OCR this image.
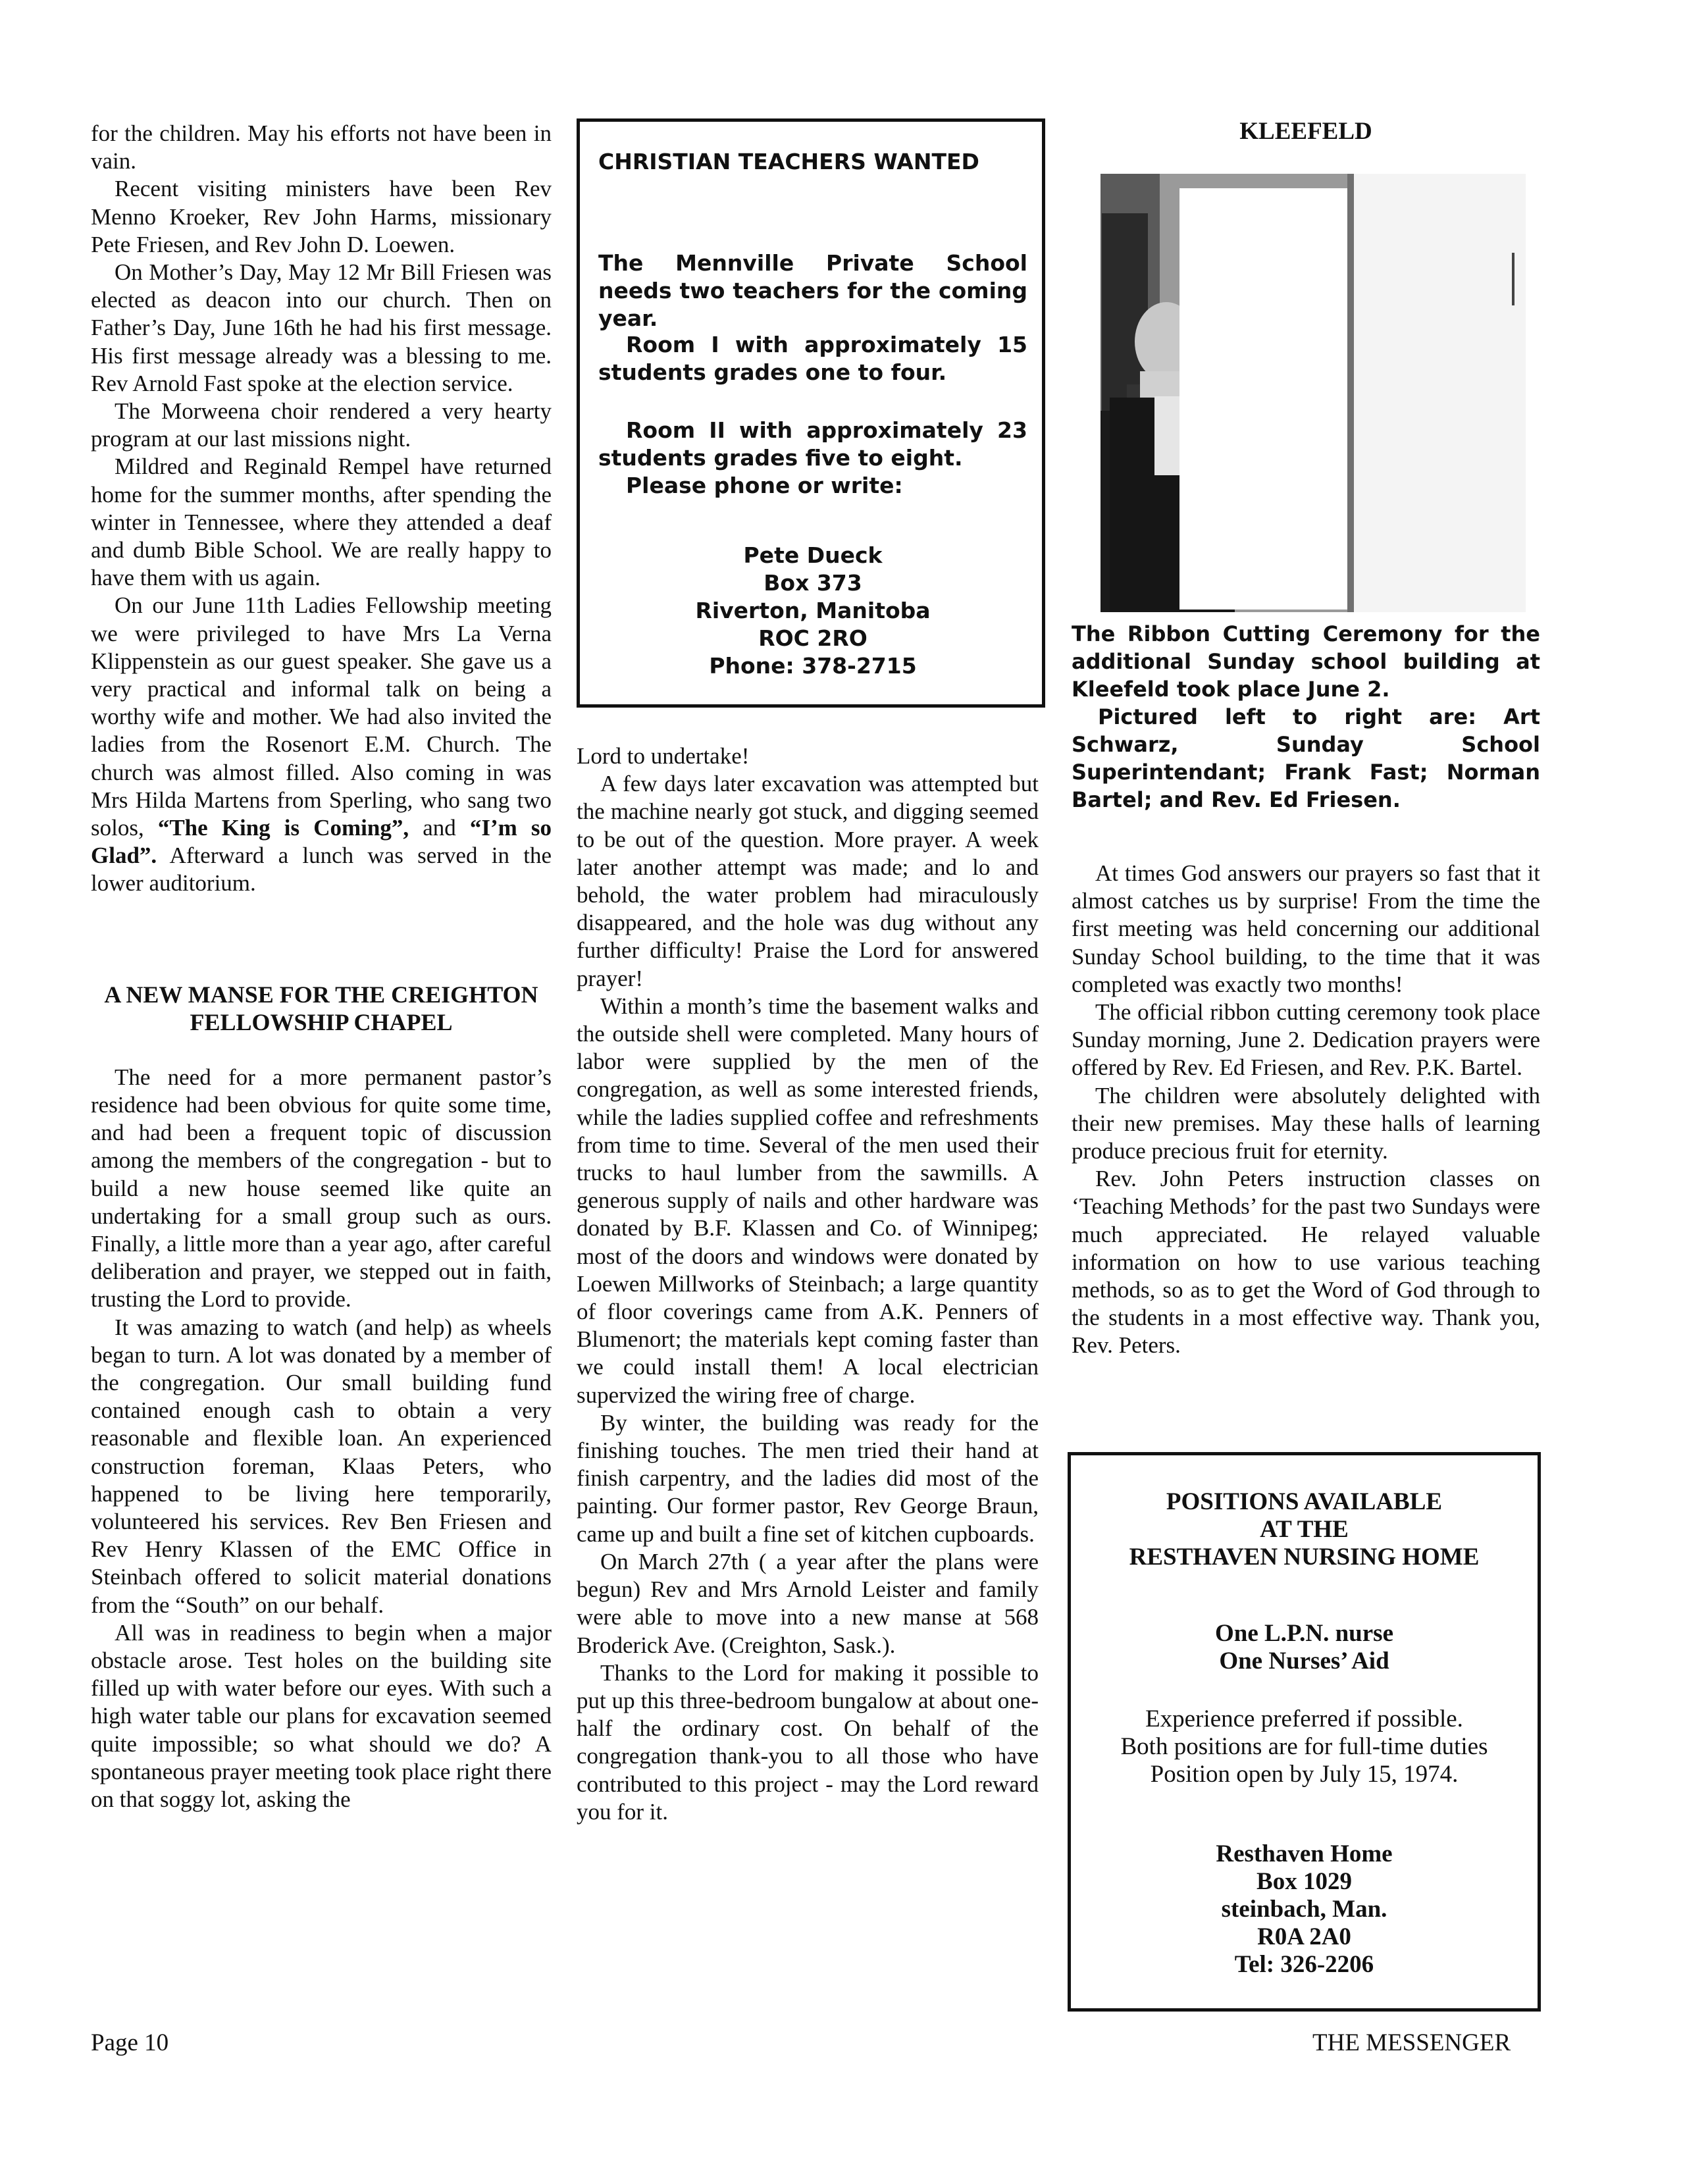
for the children. May his efforts not have been in vain.

Recent visiting ministers have been Rev Menno Kroeker, Rev John Harms, missionary Pete Friesen, and Rev John D. Loewen.

On Mother’s Day, May 12 Mr Bill Friesen was elected as deacon into our church. Then on Father’s Day, June 16th he had his first message. His first message already was a blessing to me. Rev Arnold Fast spoke at the election service.

The Morweena choir rendered a very hearty program at our last missions night.

Mildred and Reginald Rempel have returned home for the summer months, after spending the winter in Tennessee, where they attended a deaf and dumb Bible School. We are really happy to have them with us again.

On our June 11th Ladies Fellowship meeting we were privileged to have Mrs La Verna Klippenstein as our guest speaker. She gave us a very practical and informal talk on being a worthy wife and mother. We had also invited the ladies from the Rosenort E.M. Church. The church was almost filled. Also coming in was Mrs Hilda Martens from Sperling, who sang two solos, “The King is Coming”, and “I’m so Glad”. Afterward a lunch was served in the lower auditorium.

A NEW MANSE FOR THE CREIGHTON FELLOWSHIP CHAPEL

The need for a more permanent pastor’s residence had been obvious for quite some time, and had been a frequent topic of discussion among the members of the congregation - but to build a new house seemed like quite an undertaking for a small group such as ours. Finally, a little more than a year ago, after careful deliberation and prayer, we stepped out in faith, trusting the Lord to provide.

It was amazing to watch (and help) as wheels began to turn. A lot was donated by a member of the congregation. Our small building fund contained enough cash to obtain a very reasonable and flexible loan. An experienced construction foreman, Klaas Peters, who happened to be living here temporarily, volunteered his services. Rev Ben Friesen and Rev Henry Klassen of the EMC Office in Steinbach offered to solicit material donations from the “South” on our behalf.

All was in readiness to begin when a major obstacle arose. Test holes on the building site filled up with water before our eyes. With such a high water table our plans for excavation seemed quite impossible; so what should we do? A spontaneous prayer meeting took place right there on that soggy lot, asking the

CHRISTIAN TEACHERS WANTED
The Mennville Private School needs two teachers for the coming year.
Room I with approximately 15 students grades one to four.
Room II with approximately 23 students grades five to eight.
Please phone or write:
Pete Dueck
Box 373
Riverton, Manitoba
ROC 2RO
Phone: 378-2715

Lord to undertake!

A few days later excavation was attempted but the machine nearly got stuck, and digging seemed to be out of the question. More prayer. A week later another attempt was made; and lo and behold, the water problem had miraculously disappeared, and the hole was dug without any further difficulty! Praise the Lord for answered prayer!

Within a month’s time the basement walks and the outside shell were completed. Many hours of labor were supplied by the men of the congregation, as well as some interested friends, while the ladies supplied coffee and refreshments from time to time. Several of the men used their trucks to haul lumber from the sawmills. A generous supply of nails and other hardware was donated by B.F. Klassen and Co. of Winnipeg; most of the doors and windows were donated by Loewen Millworks of Steinbach; a large quantity of floor coverings came from A.K. Penners of Blumenort; the materials kept coming faster than we could install them! A local electrician supervized the wiring free of charge.

By winter, the building was ready for the finishing touches. The men tried their hand at finish carpentry, and the ladies did most of the painting. Our former pastor, Rev George Braun, came up and built a fine set of kitchen cupboards.

On March 27th ( a year after the plans were begun) Rev and Mrs Arnold Leister and family were able to move into a new manse at 568 Broderick Ave. (Creighton, Sask.).

Thanks to the Lord for making it possible to put up this three-bedroom bungalow at about one-half the ordinary cost. On behalf of the congregation thank-you to all those who have contributed to this project - may the Lord reward you for it.

KLEEFELD

The Ribbon Cutting Ceremony for the additional Sunday school building at Kleefeld took place June 2.

Pictured left to right are: Art Schwarz, Sunday School Superintendant; Frank Fast; Norman Bartel; and Rev. Ed Friesen.

At times God answers our prayers so fast that it almost catches us by surprise! From the time the first meeting was held concerning our additional Sunday School building, to the time that it was completed was exactly two months!

The official ribbon cutting ceremony took place Sunday morning, June 2. Dedication prayers were offered by Rev. Ed Friesen, and Rev. P.K. Bartel.

The children were absolutely delighted with their new premises. May these halls of learning produce precious fruit for eternity.

Rev. John Peters instruction classes on ‘Teaching Methods’ for the past two Sundays were much appreciated. He relayed valuable information on how to use various teaching methods, so as to get the Word of God through to the students in a most effective way. Thank you, Rev. Peters.

POSITIONS AVAILABLE
AT THE
RESTHAVEN NURSING HOME
One L.P.N. nurse
One Nurses’ Aid
Experience preferred if possible.
Both positions are for full-time duties
Position open by July 15, 1974.
Resthaven Home
Box 1029
steinbach, Man.
R0A 2A0
Tel: 326-2206
Page 10	THE MESSENGER
